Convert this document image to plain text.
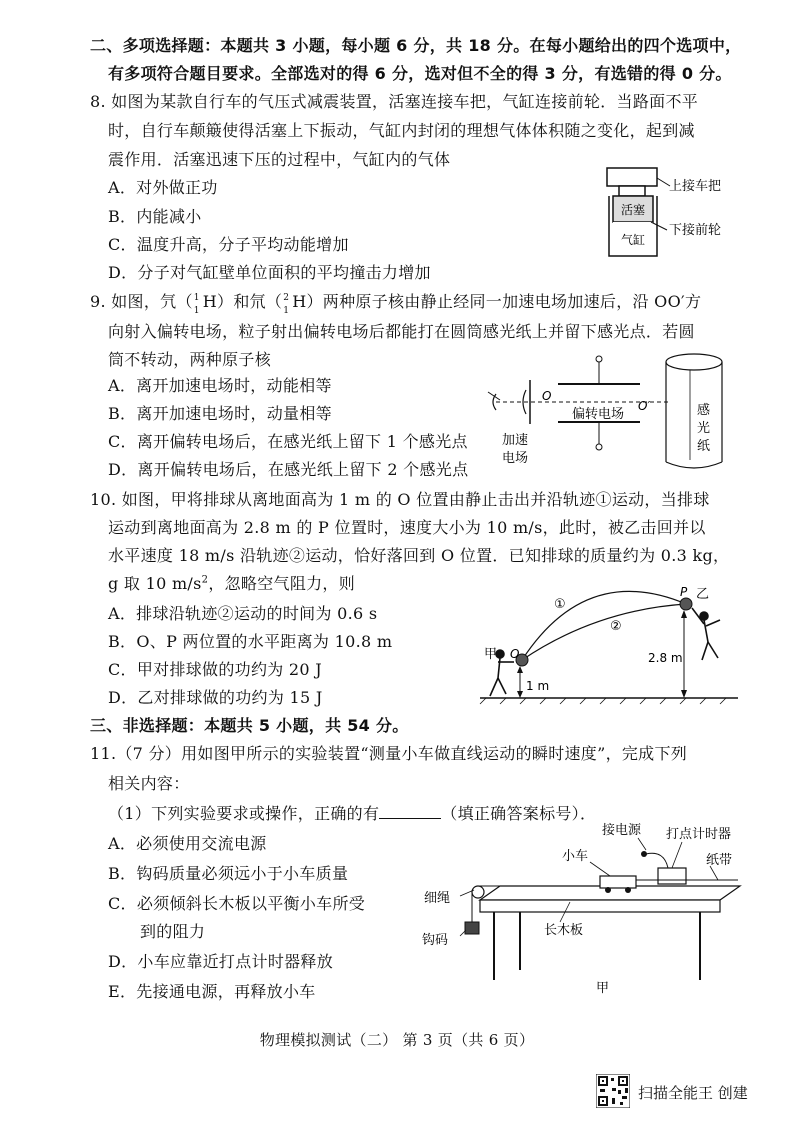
二、多项选择题：本题共 3 小题，每小题 6 分，共 18 分。在每小题给出的四个选项中，
有多项符合题目要求。全部选对的得 6 分，选对但不全的得 3 分，有选错的得 0 分。
8. 如图为某款自行车的气压式减震装置，活塞连接车把，气缸连接前轮．当路面不平
时，自行车颠簸使得活塞上下振动，气缸内封闭的理想气体体积随之变化，起到减
震作用．活塞迅速下压的过程中，气缸内的气体
A．对外做正功
B．内能减小
C．温度升高，分子平均动能增加
D．分子对气缸壁单位面积的平均撞击力增加
活塞
气缸
上接车把
下接前轮
9. 如图，氕（ 1
1 H）和氘（ 2
1 H）两种原子核由静止经同一加速电场加速后，沿 OO′方
向射入偏转电场，粒子射出偏转电场后都能打在圆筒感光纸上并留下感光点．若圆
筒不转动，两种原子核
A．离开加速电场时，动能相等
B．离开加速电场时，动量相等
C．离开偏转电场后，在感光纸上留下 1 个感光点
D．离开偏转电场后，在感光纸上留下 2 个感光点
O
O′
偏转电场
加速
电场
感
光
纸
10. 如图，甲将排球从离地面高为 1 m 的 O 位置由静止击出并沿轨迹①运动，当排球
运动到离地面高为 2.8 m 的 P 位置时，速度大小为 10 m/s，此时，被乙击回并以
水平速度 18 m/s 沿轨迹②运动，恰好落回到 O 位置．已知排球的质量约为 0.3 kg，
g 取 10 $m/s^2$，忽略空气阻力，则
A．排球沿轨迹②运动的时间为 0.6 s
B．O、P 两位置的水平距离为 10.8 m
C．甲对排球做的功约为 20 J
D．乙对排球做的功约为 15 J
甲 O
P 乙
①
②
2.8 m
1 m
三、非选择题：本题共 5 小题，共 54 分。
11.（7 分）用如图甲所示的实验装置“测量小车做直线运动的瞬时速度”，完成下列
相关内容：
（1）下列实验要求或操作，正确的有	（填正确答案标号）．
A．必须使用交流电源
B．钩码质量必须远小于小车质量
C．必须倾斜长木板以平衡小车所受
到的阻力
D．小车应靠近打点计时器释放
E．先接通电源，再释放小车
接电源 打点计时器
小车	纸带
细绳
长木板
钩码
甲
物理模拟测试（二） 第 3 页（共 6 页）
扫描全能王 创建
